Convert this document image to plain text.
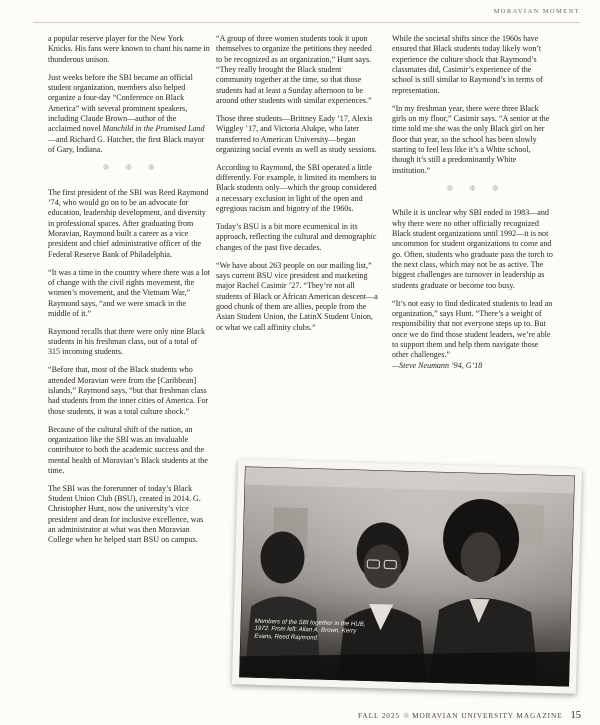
MORAVIAN MOMENT

a popular reserve player for the New York Knicks. His fans were known to chant his name in thunderous unison.

Just weeks before the SBI became an official student organization, members also helped organize a four-day “Conference on Black America” with several prominent speakers, including Claude Brown—author of the acclaimed novel Manchild in the Promised Land—and Richard G. Hatcher, the first Black mayor of Gary, Indiana.

❊ ❊ ❊

The first president of the SBI was Reed Raymond ’74, who would go on to be an advocate for education, leadership development, and diversity in professional spaces. After graduating from Moravian, Raymond built a career as a vice president and chief administrative officer of the Federal Reserve Bank of Philadelphia.

“It was a time in the country where there was a lot of change with the civil rights movement, the women’s movement, and the Vietnam War,” Raymond says, “and we were smack in the middle of it.”

Raymond recalls that there were only nine Black students in his freshman class, out of a total of 315 incoming students.

“Before that, most of the Black students who attended Moravian were from the [Caribbean] islands,” Raymond says, “but that freshman class had students from the inner cities of America. For those students, it was a total culture shock.”

Because of the cultural shift of the nation, an organization like the SBI was an invaluable contributor to both the academic success and the mental health of Moravian’s Black students at the time.

The SBI was the forerunner of today’s Black Student Union Club (BSU), created in 2014. G. Christopher Hunt, now the university’s vice president and dean for inclusive excellence, was an administrator at what was then Moravian College when he helped start BSU on campus.

“A group of three women students took it upon themselves to organize the petitions they needed to be recognized as an organization,” Hunt says. “They really brought the Black student community together at the time, so that those students had at least a Sunday afternoon to be around other students with similar experiences.”

Those three students—Brittney Eady ’17, Alexis Wiggley ’17, and Victoria Alukpe, who later transferred to American University—began organizing social events as well as study sessions.

According to Raymond, the SBI operated a little differently. For example, it limited its members to Black students only—which the group considered a necessary exclusion in light of the open and egregious racism and bigotry of the 1960s.

Today’s BSU is a bit more ecumenical in its approach, reflecting the cultural and demographic changes of the past five decades.

“We have about 263 people on our mailing list,” says current BSU vice president and marketing major Rachel Casimir ’27. “They’re not all students of Black or African American descent—a good chunk of them are allies, people from the Asian Student Union, the LatinX Student Union, or what we call affinity clubs.”

While the societal shifts since the 1960s have ensured that Black students today likely won’t experience the culture shock that Raymond’s classmates did, Casimir’s experience of the school is still similar to Raymond’s in terms of representation.

“In my freshman year, there were three Black girls on my floor,” Casimir says. “A senior at the time told me she was the only Black girl on her floor that year, so the school has been slowly starting to feel less like it’s a White school, though it’s still a predominantly White institution.”

❊ ❊ ❊

While it is unclear why SBI ended in 1983—and why there were no other officially recognized Black student organizations until 1992—it is not uncommon for student organizations to come and go. Often, students who graduate pass the torch to the next class, which may not be as active. The biggest challenges are turnover in leadership as students graduate or become too busy.

“It’s not easy to find dedicated students to lead an organization,” says Hunt. “There’s a weight of responsibility that not everyone steps up to. But once we do find those student leaders, we’re able to support them and help them navigate those other challenges.”
—Steve Neumann ’94, G’18

Members of the SBI together in the HUB, 1972. From left: Allan A. Brown, Kerry Evans, Reed Raymond.
FALL 2025 ❊ MORAVIAN UNIVERSITY MAGAZINE 15
